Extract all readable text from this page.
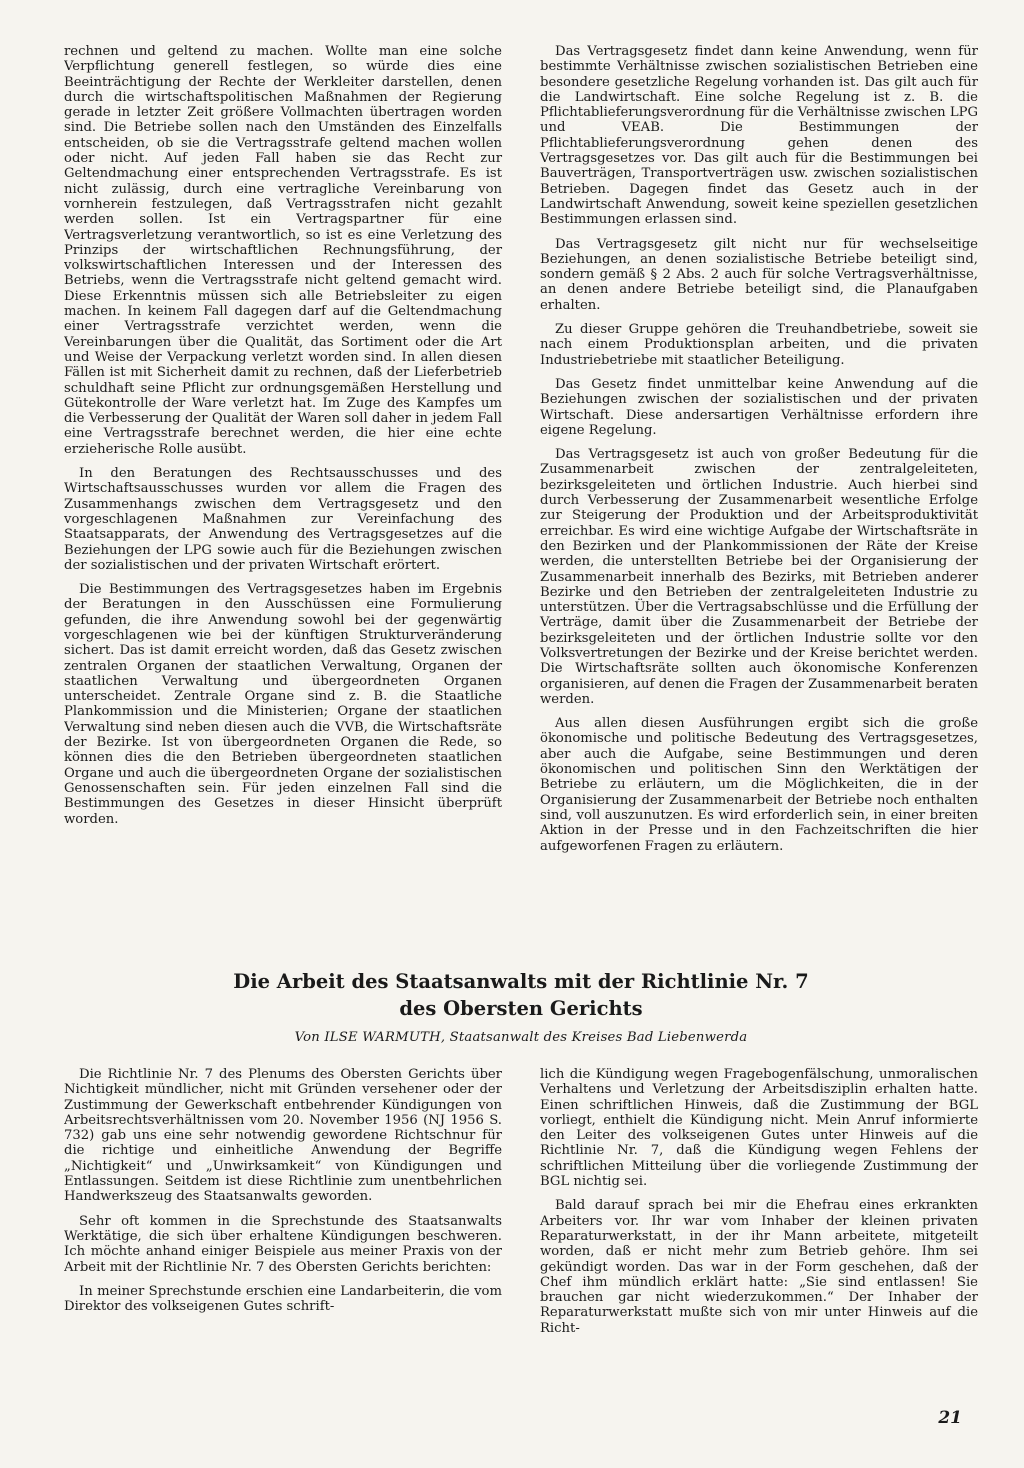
rechnen und geltend zu machen. Wollte man eine solche Verpflichtung generell festlegen, so würde dies eine Beeinträchtigung der Rechte der Werkleiter darstellen, denen durch die wirtschaftspolitischen Maßnahmen der Regierung gerade in letzter Zeit größere Vollmachten übertragen worden sind. Die Betriebe sollen nach den Umständen des Einzelfalls entscheiden, ob sie die Vertragsstrafe geltend machen wollen oder nicht. Auf jeden Fall haben sie das Recht zur Geltendmachung einer entsprechenden Vertragsstrafe. Es ist nicht zulässig, durch eine vertragliche Vereinbarung von vornherein festzulegen, daß Vertragsstrafen nicht gezahlt werden sollen. Ist ein Vertragspartner für eine Vertragsverletzung verantwortlich, so ist es eine Verletzung des Prinzips der wirtschaftlichen Rechnungsführung, der volkswirtschaftlichen Interessen und der Interessen des Betriebs, wenn die Vertragsstrafe nicht geltend gemacht wird. Diese Erkenntnis müssen sich alle Betriebsleiter zu eigen machen. In keinem Fall dagegen darf auf die Geltendmachung einer Vertragsstrafe verzichtet werden, wenn die Vereinbarungen über die Qualität, das Sortiment oder die Art und Weise der Verpackung verletzt worden sind. In allen diesen Fällen ist mit Sicherheit damit zu rechnen, daß der Lieferbetrieb schuldhaft seine Pflicht zur ordnungsgemäßen Herstellung und Gütekontrolle der Ware verletzt hat. Im Zuge des Kampfes um die Verbesserung der Qualität der Waren soll daher in jedem Fall eine Vertragsstrafe berechnet werden, die hier eine echte erzieherische Rolle ausübt.

In den Beratungen des Rechtsausschusses und des Wirtschaftsausschusses wurden vor allem die Fragen des Zusammenhangs zwischen dem Vertragsgesetz und den vorgeschlagenen Maßnahmen zur Vereinfachung des Staatsapparats, der Anwendung des Vertragsgesetzes auf die Beziehungen der LPG sowie auch für die Beziehungen zwischen der sozialistischen und der privaten Wirtschaft erörtert.

Die Bestimmungen des Vertragsgesetzes haben im Ergebnis der Beratungen in den Ausschüssen eine Formulierung gefunden, die ihre Anwendung sowohl bei der gegenwärtig vorgeschlagenen wie bei der künftigen Strukturveränderung sichert. Das ist damit erreicht worden, daß das Gesetz zwischen zentralen Organen der staatlichen Verwaltung, Organen der staatlichen Verwaltung und übergeordneten Organen unterscheidet. Zentrale Organe sind z. B. die Staatliche Plankommission und die Ministerien; Organe der staatlichen Verwaltung sind neben diesen auch die VVB, die Wirtschaftsräte der Bezirke. Ist von übergeordneten Organen die Rede, so können dies die den Betrieben übergeordneten staatlichen Organe und auch die übergeordneten Organe der sozialistischen Genossenschaften sein. Für jeden einzelnen Fall sind die Bestimmungen des Gesetzes in dieser Hinsicht überprüft worden.

Das Vertragsgesetz findet dann keine Anwendung, wenn für bestimmte Verhältnisse zwischen sozialistischen Betrieben eine besondere gesetzliche Regelung vorhanden ist. Das gilt auch für die Landwirtschaft. Eine solche Regelung ist z. B. die Pflichtablieferungsverordnung für die Verhältnisse zwischen LPG und VEAB. Die Bestimmungen der Pflichtablieferungsverordnung gehen denen des Vertragsgesetzes vor. Das gilt auch für die Bestimmungen bei Bauverträgen, Transportverträgen usw. zwischen sozialistischen Betrieben. Dagegen findet das Gesetz auch in der Landwirtschaft Anwendung, soweit keine speziellen gesetzlichen Bestimmungen erlassen sind.

Das Vertragsgesetz gilt nicht nur für wechselseitige Beziehungen, an denen sozialistische Betriebe beteiligt sind, sondern gemäß § 2 Abs. 2 auch für solche Vertragsverhältnisse, an denen andere Betriebe beteiligt sind, die Planaufgaben erhalten.

Zu dieser Gruppe gehören die Treuhandbetriebe, soweit sie nach einem Produktionsplan arbeiten, und die privaten Industriebetriebe mit staatlicher Beteiligung.

Das Gesetz findet unmittelbar keine Anwendung auf die Beziehungen zwischen der sozialistischen und der privaten Wirtschaft. Diese andersartigen Verhältnisse erfordern ihre eigene Regelung.

Das Vertragsgesetz ist auch von großer Bedeutung für die Zusammenarbeit zwischen der zentralgeleiteten, bezirksgeleiteten und örtlichen Industrie. Auch hierbei sind durch Verbesserung der Zusammenarbeit wesentliche Erfolge zur Steigerung der Produktion und der Arbeitsproduktivität erreichbar. Es wird eine wichtige Aufgabe der Wirtschaftsräte in den Bezirken und der Plankommissionen der Räte der Kreise werden, die unterstellten Betriebe bei der Organisierung der Zusammenarbeit innerhalb des Bezirks, mit Betrieben anderer Bezirke und den Betrieben der zentralgeleiteten Industrie zu unterstützen. Über die Vertragsabschlüsse und die Erfüllung der Verträge, damit über die Zusammenarbeit der Betriebe der bezirksgeleiteten und der örtlichen Industrie sollte vor den Volksvertretungen der Bezirke und der Kreise berichtet werden. Die Wirtschaftsräte sollten auch ökonomische Konferenzen organisieren, auf denen die Fragen der Zusammenarbeit beraten werden.

Aus allen diesen Ausführungen ergibt sich die große ökonomische und politische Bedeutung des Vertragsgesetzes, aber auch die Aufgabe, seine Bestimmungen und deren ökonomischen und politischen Sinn den Werktätigen der Betriebe zu erläutern, um die Möglichkeiten, die in der Organisierung der Zusammenarbeit der Betriebe noch enthalten sind, voll auszunutzen. Es wird erforderlich sein, in einer breiten Aktion in der Presse und in den Fachzeitschriften die hier aufgeworfenen Fragen zu erläutern.

Die Arbeit des Staatsanwalts mit der Richtlinie Nr. 7
des Obersten Gerichts
Von ILSE WARMUTH, Staatsanwalt des Kreises Bad Liebenwerda

Die Richtlinie Nr. 7 des Plenums des Obersten Gerichts über Nichtigkeit mündlicher, nicht mit Gründen versehener oder der Zustimmung der Gewerkschaft entbehrender Kündigungen von Arbeitsrechtsverhältnissen vom 20. November 1956 (NJ 1956 S. 732) gab uns eine sehr notwendig gewordene Richtschnur für die richtige und einheitliche Anwendung der Begriffe „Nichtigkeit“ und „Unwirksamkeit“ von Kündigungen und Entlassungen. Seitdem ist diese Richtlinie zum unentbehrlichen Handwerkszeug des Staatsanwalts geworden.

Sehr oft kommen in die Sprechstunde des Staatsanwalts Werktätige, die sich über erhaltene Kündigungen beschweren. Ich möchte anhand einiger Beispiele aus meiner Praxis von der Arbeit mit der Richtlinie Nr. 7 des Obersten Gerichts berichten:

In meiner Sprechstunde erschien eine Landarbeiterin, die vom Direktor des volkseigenen Gutes schrift-

lich die Kündigung wegen Fragebogenfälschung, unmoralischen Verhaltens und Verletzung der Arbeitsdisziplin erhalten hatte. Einen schriftlichen Hinweis, daß die Zustimmung der BGL vorliegt, enthielt die Kündigung nicht. Mein Anruf informierte den Leiter des volkseigenen Gutes unter Hinweis auf die Richtlinie Nr. 7, daß die Kündigung wegen Fehlens der schriftlichen Mitteilung über die vorliegende Zustimmung der BGL nichtig sei.

Bald darauf sprach bei mir die Ehefrau eines erkrankten Arbeiters vor. Ihr war vom Inhaber der kleinen privaten Reparaturwerkstatt, in der ihr Mann arbeitete, mitgeteilt worden, daß er nicht mehr zum Betrieb gehöre. Ihm sei gekündigt worden. Das war in der Form geschehen, daß der Chef ihm mündlich erklärt hatte: „Sie sind entlassen! Sie brauchen gar nicht wiederzukommen.“ Der Inhaber der Reparaturwerkstatt mußte sich von mir unter Hinweis auf die Richt-

21
